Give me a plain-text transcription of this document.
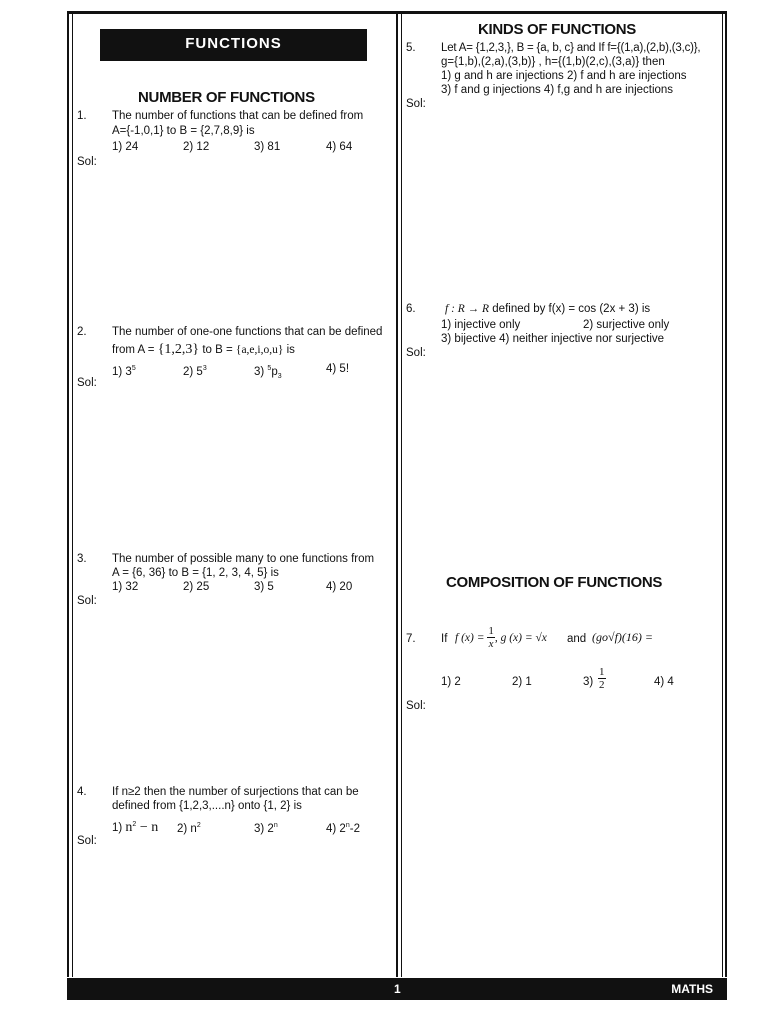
FUNCTIONS
NUMBER OF FUNCTIONS
1. The number of functions that can be defined from
A={-1,0,1} to B = {2,7,8,9} is
1) 24	2) 12	3) 81	4) 64
Sol:
2. The number of one-one functions that can be defined
from A = {1,2,3} to B = {a,e,i,o,u} is
1) $3^5$	2) $5^3$	3) $^5p_3$
4) 5!
Sol:
3. The number of possible many to one functions from
A = {6, 36} to B = {1, 2, 3, 4, 5} is
1) 32	2) 25	3) 5	4) 20
Sol:
4. If n≥2 then the number of surjections that can be
defined from {1,2,3,....n} onto {1, 2} is
1) $n^2 - n$ 2) $n^2$	3) 2$^n$	4) 2$^n$-2
Sol:
KINDS OF FUNCTIONS
5. Let A= {1,2,3,}, B = {a, b, c} and If f={(1,a),(2,b),(3,c)},
g={1,b),(2,a),(3,b)} , h={(1,b)(2,c),(3,a)} then
1) g and h are injections 2) f and h are injections
3) f and g injections 4) f,g and h are injections
Sol:
6.	f : R → R defined by f(x) = cos (2x + 3) is
1) injective only	2) surjective only
3) bijective 4) neither injective nor surjective
Sol:
COMPOSITION OF FUNCTIONS
7. If f $(x) = \frac{1}{x}$ , g (x) = √x and (go√f)(16) =
1) 2	2) 1	$3) \frac{1}{2}$	4) 4
Sol:
1	MATHS
